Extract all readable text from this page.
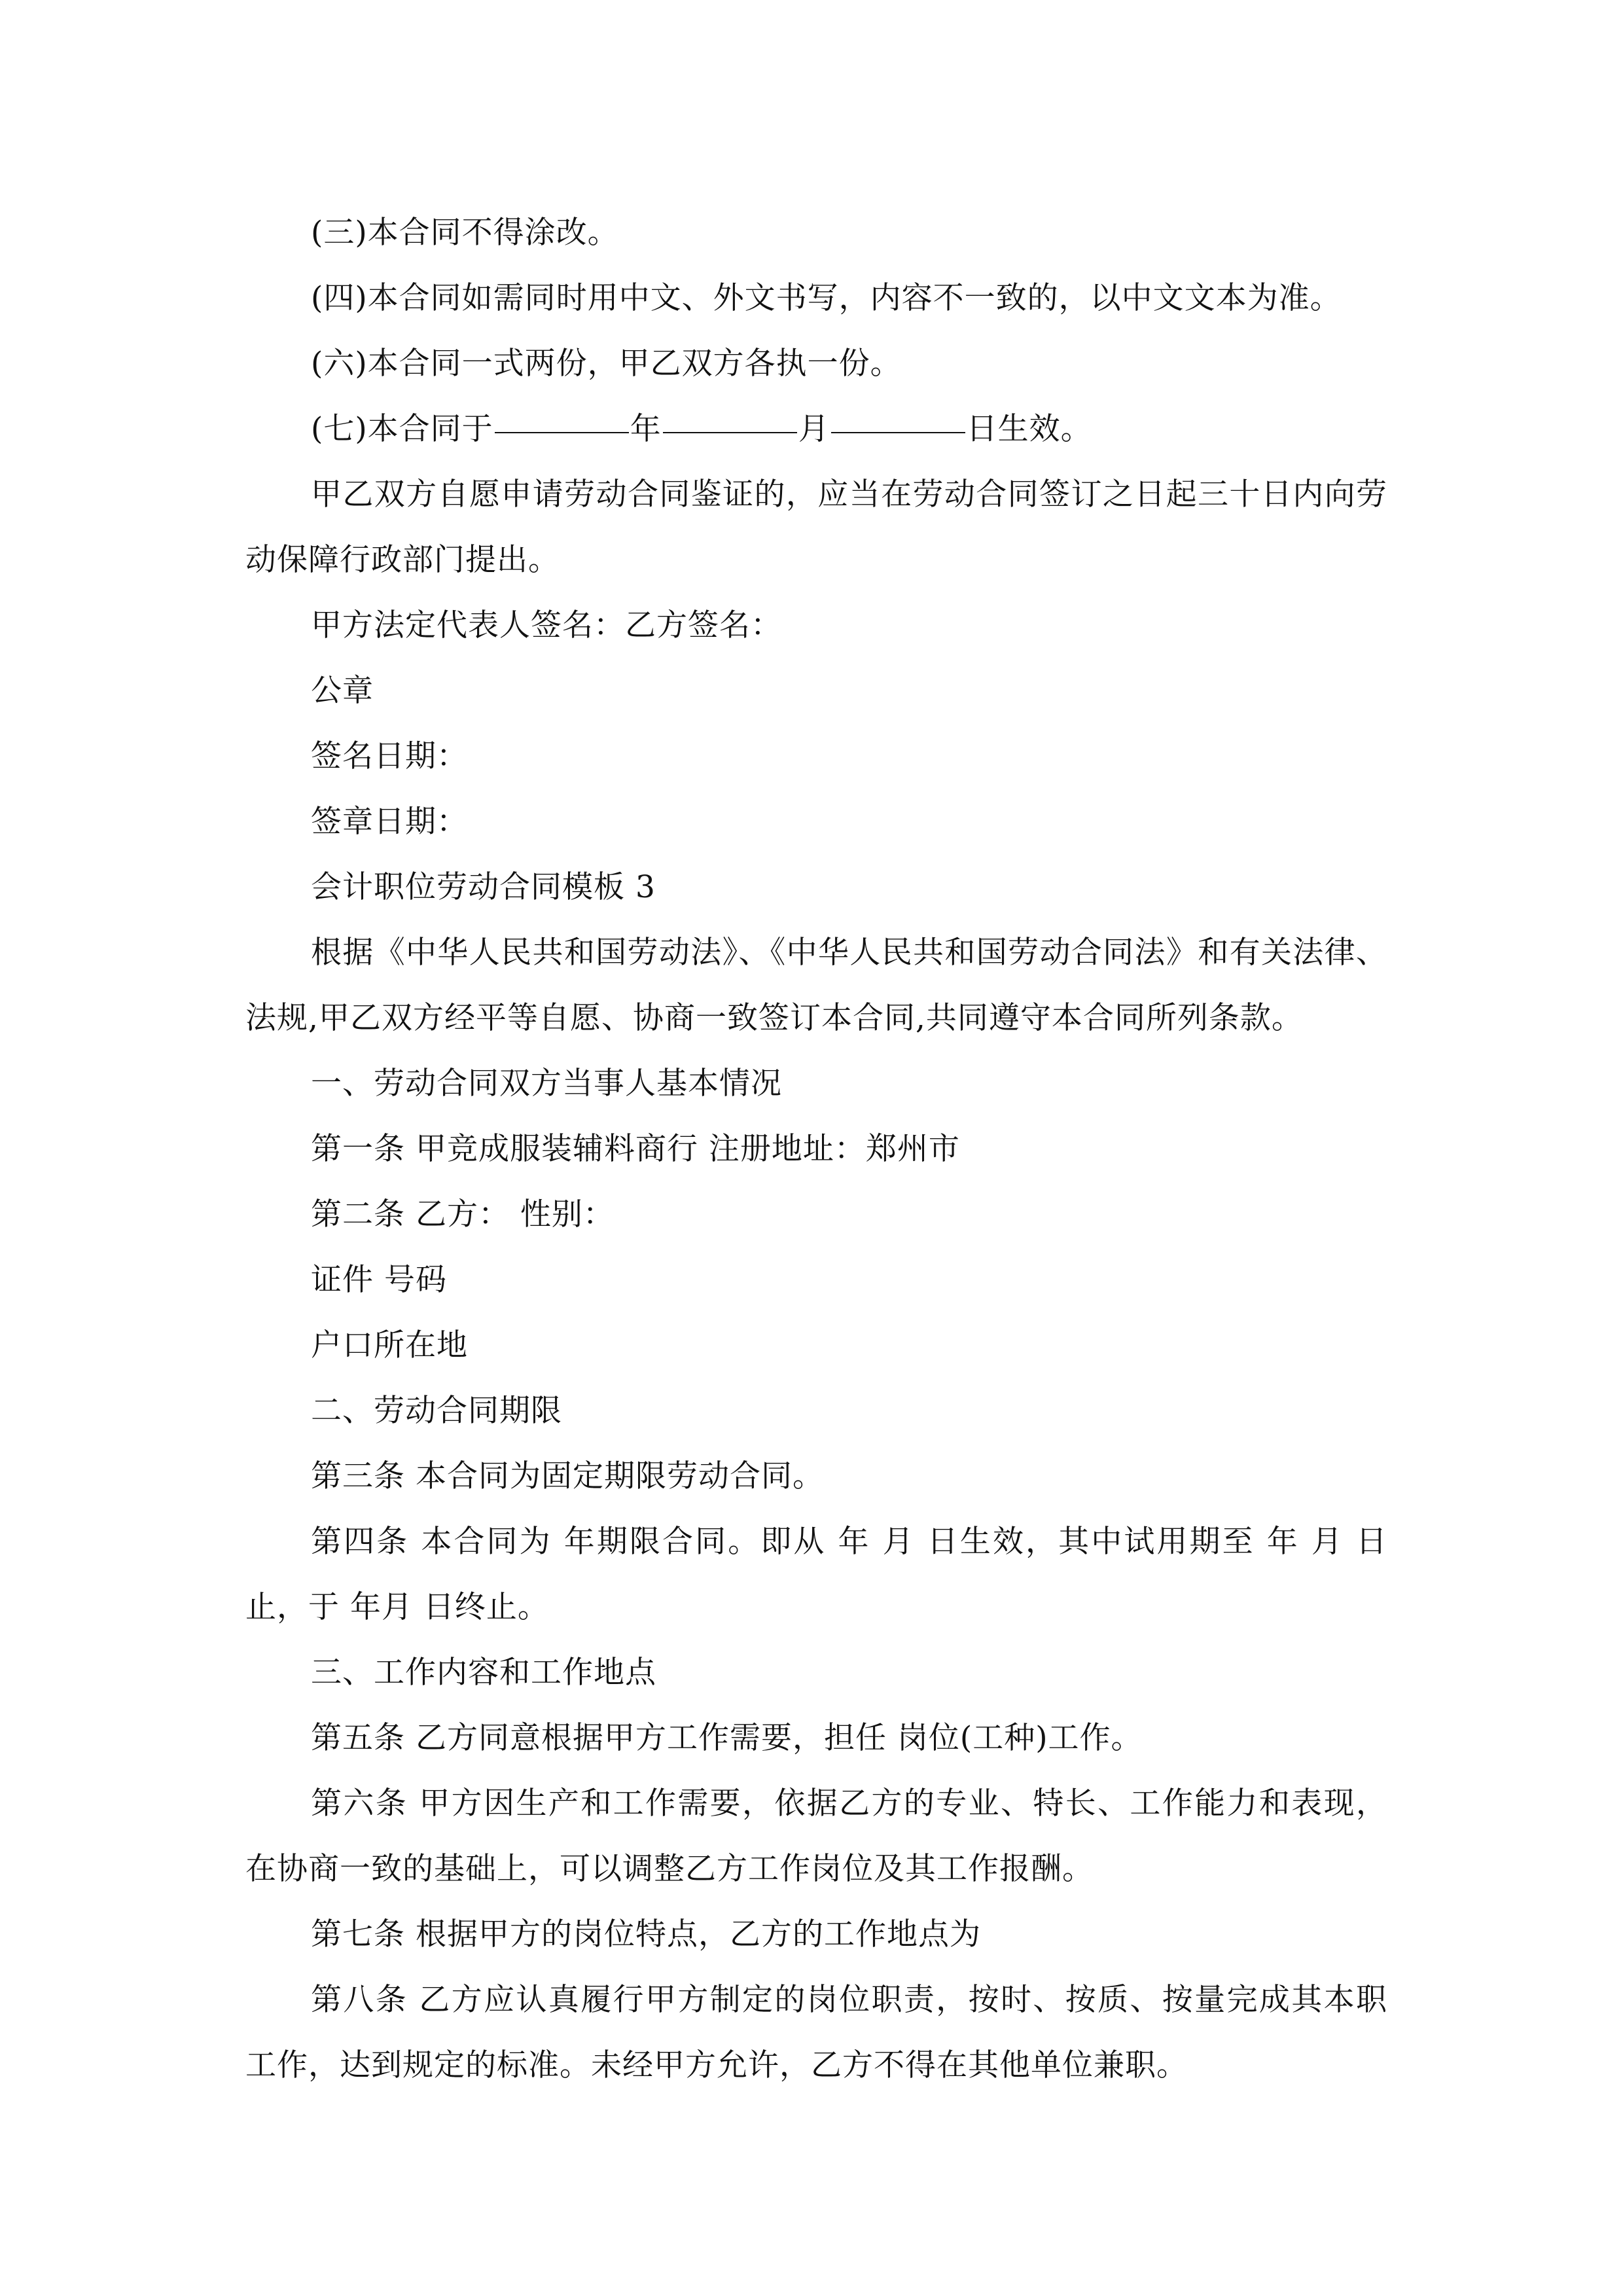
(三)本合同不得涂改。

(四)本合同如需同时用中文、外文书写，内容不一致的，以中文文本为准。

(六)本合同一式两份，甲乙双方各执一份。

(七)本合同于	年	月	日生效。

甲乙双方自愿申请劳动合同鉴证的，应当在劳动合同签订之日起三十日内向劳动保障行政部门提出。

甲方法定代表人签名：乙方签名：

公章

签名日期：

签章日期：

会计职位劳动合同模板 3

根据《中华人民共和国劳动法》、《中华人民共和国劳动合同法》和有关法律、法规,甲乙双方经平等自愿、协商一致签订本合同,共同遵守本合同所列条款。

一、劳动合同双方当事人基本情况

第一条 甲竞成服装辅料商行 注册地址：郑州市

第二条 乙方： 性别：

证件 号码

户口所在地

二、劳动合同期限

第三条 本合同为固定期限劳动合同。

第四条 本合同为 年期限合同。即从 年 月 日生效，其中试用期至 年 月 日止，于 年月 日终止。

三、工作内容和工作地点

第五条 乙方同意根据甲方工作需要，担任 岗位(工种)工作。

第六条 甲方因生产和工作需要，依据乙方的专业、特长、工作能力和表现，在协商一致的基础上，可以调整乙方工作岗位及其工作报酬。

第七条 根据甲方的岗位特点，乙方的工作地点为

第八条 乙方应认真履行甲方制定的岗位职责，按时、按质、按量完成其本职工作，达到规定的标准。未经甲方允许，乙方不得在其他单位兼职。
